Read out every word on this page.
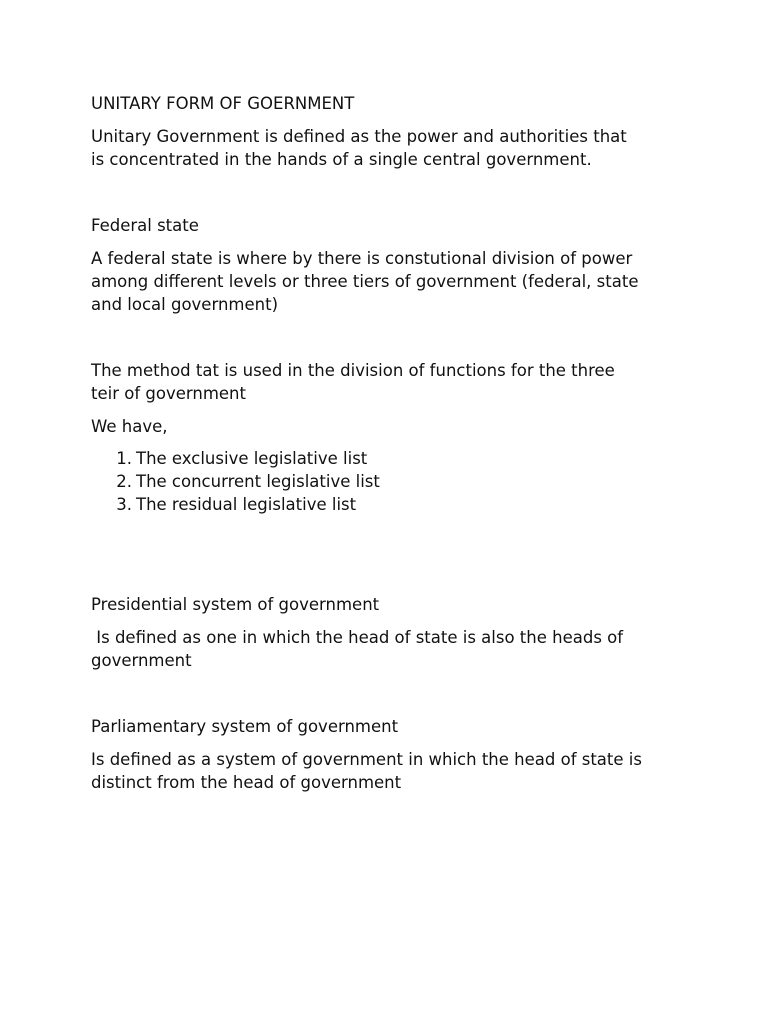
UNITARY FORM OF GOERNMENT

Unitary Government is defined as the power and authorities that

is concentrated in the hands of a single central government.

Federal state

A federal state is where by there is constutional division of power

among different levels or three tiers of government (federal, state

and local government)

The method tat is used in the division of functions for the three

teir of government

We have,

1. The exclusive legislative list
2. The concurrent legislative list
3. The residual legislative list

Presidential system of government

Is defined as one in which the head of state is also the heads of

government

Parliamentary system of government

Is defined as a system of government in which the head of state is

distinct from the head of government
